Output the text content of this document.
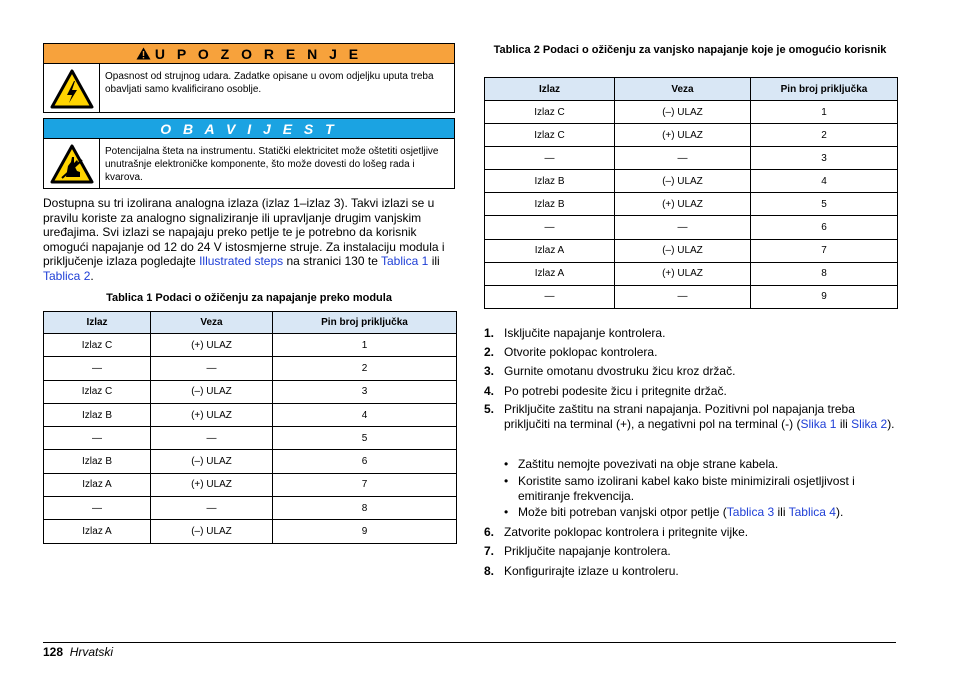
U P O Z O R E N J E
Opasnost od strujnog udara. Zadatke opisane u ovom odjeljku uputa treba obavljati samo kvalificirano osoblje.
O B A V I J E S T
Potencijalna šteta na instrumentu. Statički elektricitet može oštetiti osjetljive unutrašnje elektroničke komponente, što može dovesti do lošeg rada i kvarova.
Dostupna su tri izolirana analogna izlaza (izlaz 1–izlaz 3). Takvi izlazi se u pravilu koriste za analogno signaliziranje ili upravljanje drugim vanjskim uređajima. Svi izlazi se napajaju preko petlje te je potrebno da korisnik omogući napajanje od 12 do 24 V istosmjerne struje. Za instalaciju modula i priključenje izlaza pogledajte Illustrated steps na stranici 130 te Tablica 1 ili Tablica 2.
Tablica 1 Podaci o ožičenju za napajanje preko modula
Izlaz	Veza	Pin broj priključka
Izlaz C	(+) ULAZ	1
—	—	2
Izlaz C	(–) ULAZ	3
Izlaz B	(+) ULAZ	4
—	—	5
Izlaz B	(–) ULAZ	6
Izlaz A	(+) ULAZ	7
—	—	8
Izlaz A	(–) ULAZ	9
Tablica 2 Podaci o ožičenju za vanjsko napajanje koje je omogućio korisnik
Izlaz	Veza	Pin broj priključka
Izlaz C	(–) ULAZ	1
Izlaz C	(+) ULAZ	2
—	—	3
Izlaz B	(–) ULAZ	4
Izlaz B	(+) ULAZ	5
—	—	6
Izlaz A	(–) ULAZ	7
Izlaz A	(+) ULAZ	8
—	—	9
1. Isključite napajanje kontrolera.
2. Otvorite poklopac kontrolera.
3. Gurnite omotanu dvostruku žicu kroz držač.
4. Po potrebi podesite žicu i pritegnite držač.
5. Priključite zaštitu na strani napajanja. Pozitivni pol napajanja treba priključiti na terminal (+), a negativni pol na terminal (-) (Slika 1 ili Slika 2).
• Zaštitu nemojte povezivati na obje strane kabela.
• Koristite samo izolirani kabel kako biste minimizirali osjetljivost i emitiranje frekvencija.
• Može biti potreban vanjski otpor petlje (Tablica 3 ili Tablica 4).
6. Zatvorite poklopac kontrolera i pritegnite vijke.
7. Priključite napajanje kontrolera.
8. Konfigurirajte izlaze u kontroleru.
128 Hrvatski
